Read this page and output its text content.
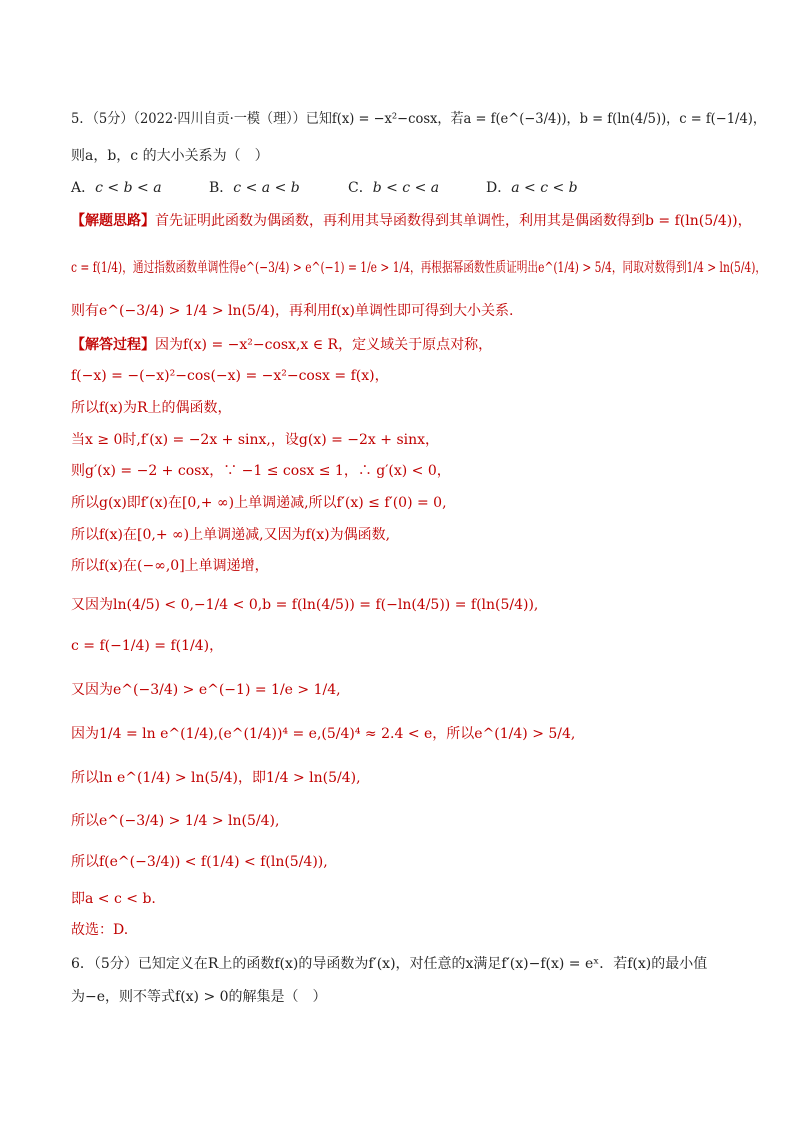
5．（5分）（2022·四川自贡·一模（理））已知f(x) = −x²−cosx，若a = f(e^(−3/4))，b = f(ln(4/5))，c = f(−1/4)，
则a，b，c 的大小关系为（　）
A．c < b < a	B．c < a < b	C．b < c < a	D．a < c < b
【解题思路】首先证明此函数为偶函数，再利用其导函数得到其单调性，利用其是偶函数得到b = f(ln(5/4))，
c = f(1/4)，通过指数函数单调性得e^(−3/4) > e^(−1) = 1/e > 1/4，再根据幂函数性质证明出e^(1/4) > 5/4，同取对数得到1/4 > ln(5/4)，
则有e^(−3/4) > 1/4 > ln(5/4)，再利用f(x)单调性即可得到大小关系.
【解答过程】因为f(x) = −x²−cosx,x ∈ R，定义域关于原点对称，
f(−x) = −(−x)²−cos(−x) = −x²−cosx = f(x)，
所以f(x)为R上的偶函数，
当x ≥ 0时,f′(x) = −2x + sinx,，设g(x) = −2x + sinx，
则g′(x) = −2 + cosx，∵ −1 ≤ cosx ≤ 1，∴ g′(x) < 0，
所以g(x)即f′(x)在[0,+ ∞)上单调递减,所以f′(x) ≤ f′(0) = 0,
所以f(x)在[0,+ ∞)上单调递减,又因为f(x)为偶函数,
所以f(x)在(−∞,0]上单调递增，
又因为ln(4/5) < 0,−1/4 < 0,b = f(ln(4/5)) = f(−ln(4/5)) = f(ln(5/4)),
c = f(−1/4) = f(1/4)，
又因为e^(−3/4) > e^(−1) = 1/e > 1/4,
因为1/4 = ln e^(1/4),(e^(1/4))⁴ = e,(5/4)⁴ ≈ 2.4 < e，所以e^(1/4) > 5/4,
所以ln e^(1/4) > ln(5/4)，即1/4 > ln(5/4),
所以e^(−3/4) > 1/4 > ln(5/4),
所以f(e^(−3/4)) < f(1/4) < f(ln(5/4)),
即a < c < b.
故选：D.
6．（5分）已知定义在R上的函数f(x)的导函数为f′(x)，对任意的x满足f′(x)−f(x) = eˣ．若f(x)的最小值
为−e，则不等式f(x) > 0的解集是（　）
